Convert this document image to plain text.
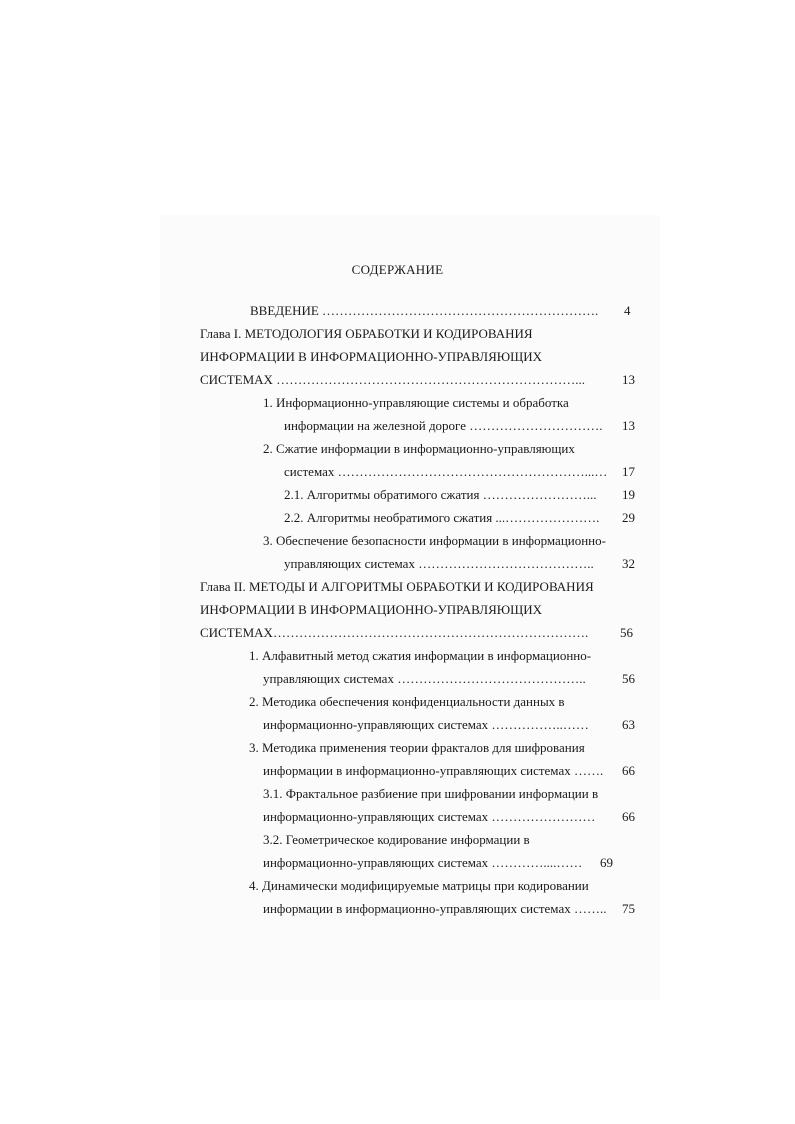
СОДЕРЖАНИЕ
ВВЕДЕНИЕ ………………………………………………………. 4
Глава I. МЕТОДОЛОГИЯ ОБРАБОТКИ И КОДИРОВАНИЯ
ИНФОРМАЦИИ В ИНФОРМАЦИОННО-УПРАВЛЯЮЩИХ
СИСТЕМАХ ……………………………………………………………...	13
1. Информационно-управляющие системы и обработка
информации на железной дороге …………………………. 13
2. Сжатие информации в информационно-управляющих
системах …………………………………………………...… 17
2.1. Алгоритмы обратимого сжатия ……………………... 19
2.2. Алгоритмы необратимого сжатия ...…………………. 29
3. Обеспечение безопасности информации в информационно-
управляющих системах ………………………………….. 32
Глава II. МЕТОДЫ И АЛГОРИТМЫ ОБРАБОТКИ И КОДИРОВАНИЯ
ИНФОРМАЦИИ В ИНФОРМАЦИОННО-УПРАВЛЯЮЩИХ
СИСТЕМАХ………………………………………………………………. 56
1. Алфавитный метод сжатия информации в информационно-
управляющих системах ……………………………………..	56
2. Методика обеспечения конфиденциальности данных в
информационно-управляющих системах ……………..……	63
3. Методика применения теории фракталов для шифрования
информации в информационно-управляющих системах ……. 66
3.1. Фрактальное разбиение при шифровании информации в
информационно-управляющих системах …………………… 66
3.2. Геометрическое кодирование информации в
информационно-управляющих системах …………....…… 69
4. Динамически модифицируемые матрицы при кодировании
информации в информационно-управляющих системах …….. 75
